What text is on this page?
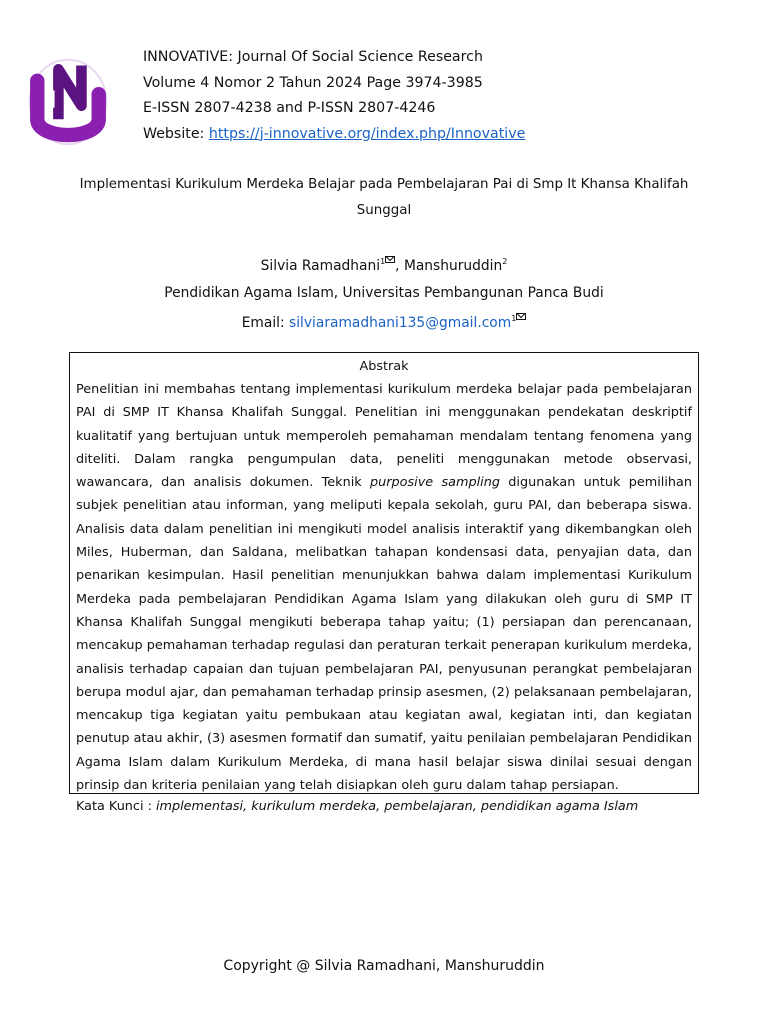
INNOVATIVE: Journal Of Social Science Research
Volume 4 Nomor 2 Tahun 2024 Page 3974-3985
E-ISSN 2807-4238 and P-ISSN 2807-4246
Website: https://j-innovative.org/index.php/Innovative
Implementasi Kurikulum Merdeka Belajar pada Pembelajaran Pai di Smp It Khansa Khalifah Sunggal
Silvia Ramadhani$^1$ , Manshuruddin$^2$
Pendidikan Agama Islam, Universitas Pembangunan Panca Budi
Email: silviaramadhani135@gmail.com$^1$
Abstrak

Penelitian ini membahas tentang implementasi kurikulum merdeka belajar pada pembelajaran PAI di SMP IT Khansa Khalifah Sunggal. Penelitian ini menggunakan pendekatan deskriptif kualitatif yang bertujuan untuk memperoleh pemahaman mendalam tentang fenomena yang diteliti. Dalam rangka pengumpulan data, peneliti menggunakan metode observasi, wawancara, dan analisis dokumen. Teknik purposive sampling digunakan untuk pemilihan subjek penelitian atau informan, yang meliputi kepala sekolah, guru PAI, dan beberapa siswa. Analisis data dalam penelitian ini mengikuti model analisis interaktif yang dikembangkan oleh Miles, Huberman, dan Saldana, melibatkan tahapan kondensasi data, penyajian data, dan penarikan kesimpulan. Hasil penelitian menunjukkan bahwa dalam implementasi Kurikulum Merdeka pada pembelajaran Pendidikan Agama Islam yang dilakukan oleh guru di SMP IT Khansa Khalifah Sunggal mengikuti beberapa tahap yaitu; (1) persiapan dan perencanaan, mencakup pemahaman terhadap regulasi dan peraturan terkait penerapan kurikulum merdeka, analisis terhadap capaian dan tujuan pembelajaran PAI, penyusunan perangkat pembelajaran berupa modul ajar, dan pemahaman terhadap prinsip asesmen, (2) pelaksanaan pembelajaran, mencakup tiga kegiatan yaitu pembukaan atau kegiatan awal, kegiatan inti, dan kegiatan penutup atau akhir, (3) asesmen formatif dan sumatif, yaitu penilaian pembelajaran Pendidikan Agama Islam dalam Kurikulum Merdeka, di mana hasil belajar siswa dinilai sesuai dengan prinsip dan kriteria penilaian yang telah disiapkan oleh guru dalam tahap persiapan.

Kata Kunci : implementasi, kurikulum merdeka, pembelajaran, pendidikan agama Islam
Copyright @ Silvia Ramadhani, Manshuruddin
